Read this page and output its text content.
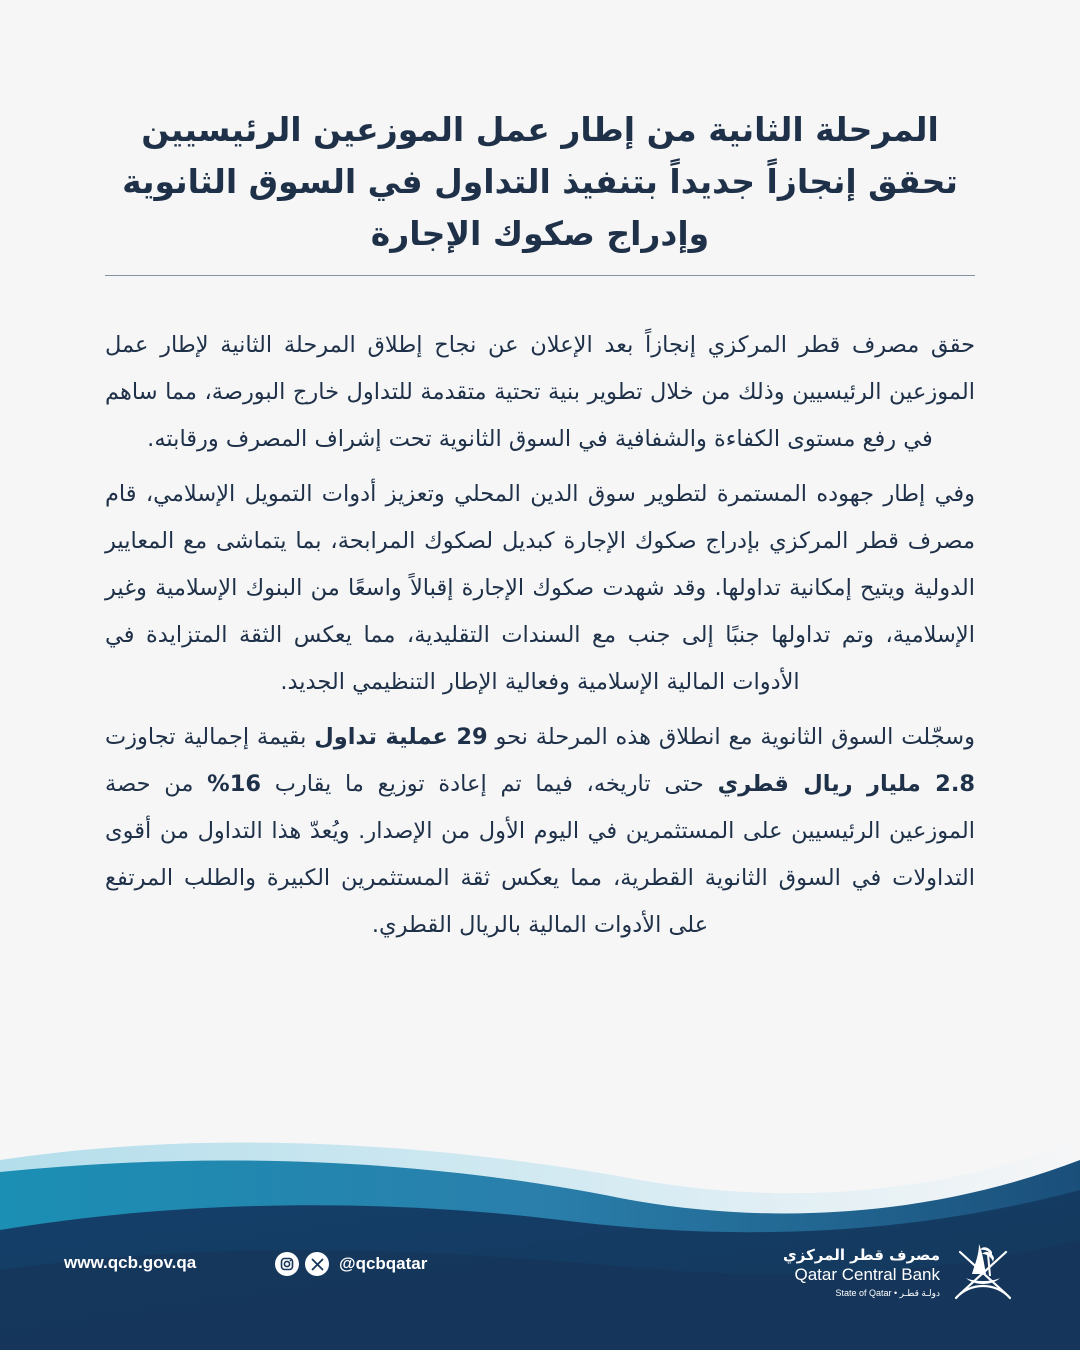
المرحلة الثانية من إطار عمل الموزعين الرئيسيين
تحقق إنجازاً جديداً بتنفيذ التداول في السوق الثانوية
وإدراج صكوك الإجارة

حقق مصرف قطر المركزي إنجازاً بعد الإعلان عن نجاح إطلاق المرحلة الثانية لإطار عمل الموزعين الرئيسيين وذلك من خلال تطوير بنية تحتية متقدمة للتداول خارج البورصة، مما ساهم في رفع مستوى الكفاءة والشفافية في السوق الثانوية تحت إشراف المصرف ورقابته.

وفي إطار جهوده المستمرة لتطوير سوق الدين المحلي وتعزيز أدوات التمويل الإسلامي، قام مصرف قطر المركزي بإدراج صكوك الإجارة كبديل لصكوك المرابحة، بما يتماشى مع المعايير الدولية ويتيح إمكانية تداولها. وقد شهدت صكوك الإجارة إقبالاً واسعًا من البنوك الإسلامية وغير الإسلامية، وتم تداولها جنبًا إلى جنب مع السندات التقليدية، مما يعكس الثقة المتزايدة في الأدوات المالية الإسلامية وفعالية الإطار التنظيمي الجديد.

وسجّلت السوق الثانوية مع انطلاق هذه المرحلة نحو 29 عملية تداول بقيمة إجمالية تجاوزت 2.8 مليار ريال قطري حتى تاريخه، فيما تم إعادة توزيع ما يقارب 16% من حصة الموزعين الرئيسيين على المستثمرين في اليوم الأول من الإصدار. ويُعدّ هذا التداول من أقوى التداولات في السوق الثانوية القطرية، مما يعكس ثقة المستثمرين الكبيرة والطلب المرتفع على الأدوات المالية بالريال القطري.

www.qcb.gov.qa	@qcbqatar	مصرف قطر المركزي
Qatar Central Bank
State of Qatar • دولـة قطـر
